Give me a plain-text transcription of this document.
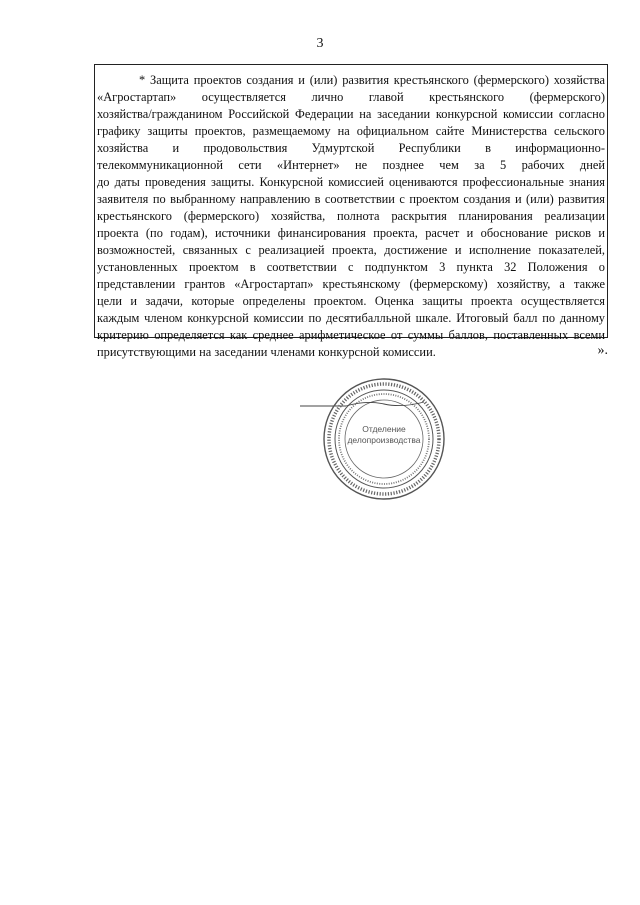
3
* Защита проектов создания и (или) развития крестьянского (фермерского) хозяйства
«Агростартап» осуществляется лично главой крестьянского (фермерского)
хозяйства/гражданином Российской Федерации на заседании конкурсной комиссии согласно
графику защиты проектов, размещаемому на официальном сайте Министерства сельского
хозяйства и продовольствия Удмуртской Республики в информационно-
телекоммуникационной сети «Интернет» не позднее чем за 5 рабочих дней
до даты проведения защиты. Конкурсной комиссией оцениваются профессиональные знания
заявителя по выбранному направлению в соответствии с проектом создания и (или) развития
крестьянского (фермерского) хозяйства, полнота раскрытия планирования реализации
проекта (по годам), источники финансирования проекта, расчет и обоснование рисков и
возможностей, связанных с реализацией проекта, достижение и исполнение показателей,
установленных проектом в соответствии с подпунктом 3 пункта 32 Положения о
представлении грантов «Агростартап» крестьянскому (фермерскому) хозяйству, а также
цели и задачи, которые определены проектом. Оценка защиты проекта осуществляется
каждым членом конкурсной комиссии по десятибалльной шкале. Итоговый балл по данному
критерию определяется как среднее арифметическое от суммы баллов, поставленных всеми
присутствующими на заседании членами конкурсной комиссии.	».
Отделение
делопроизводства
